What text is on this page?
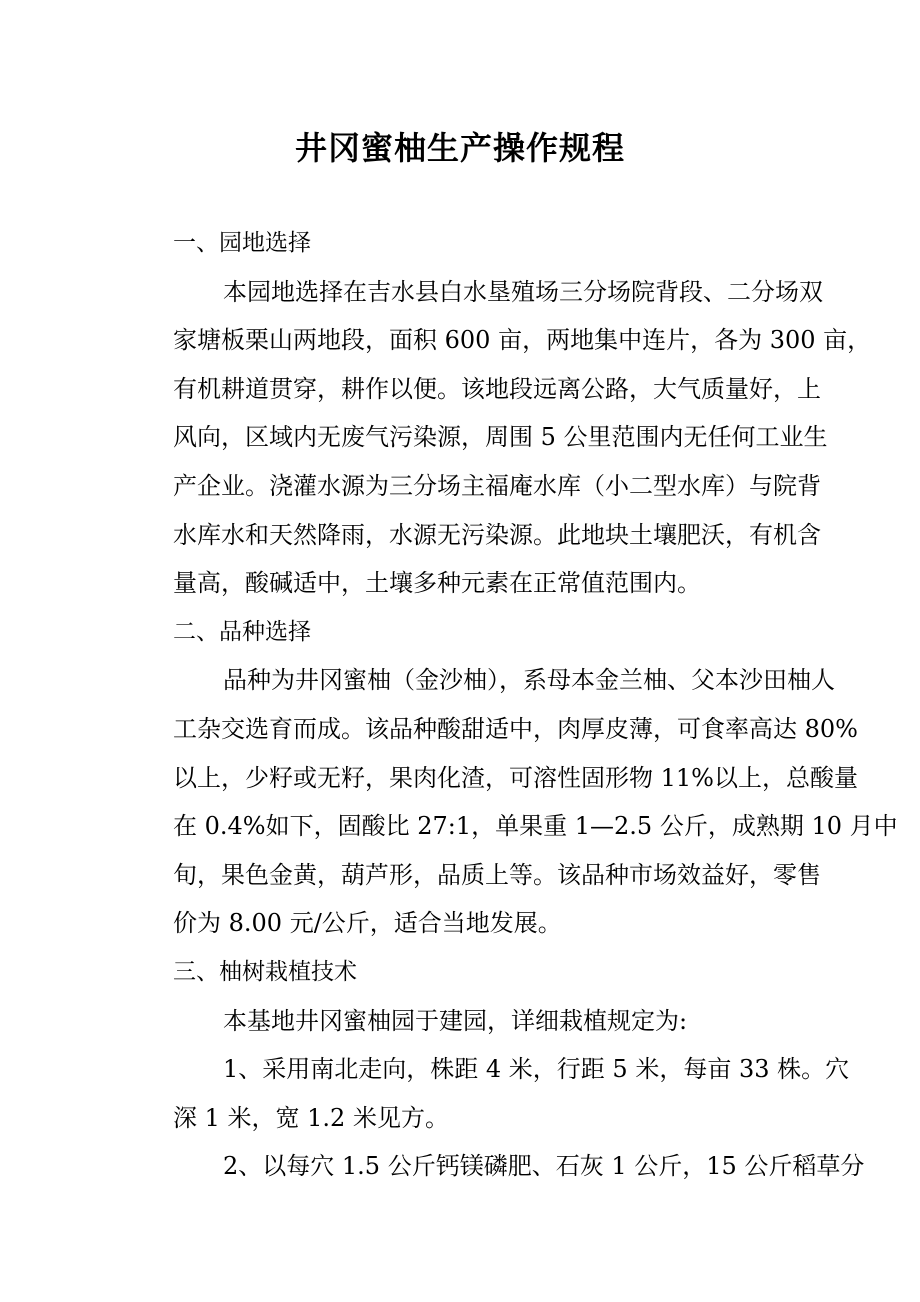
井冈蜜柚生产操作规程
一、园地选择
本园地选择在吉水县白水垦殖场三分场院背段、二分场双
家塘板栗山两地段，面积 600 亩，两地集中连片，各为 300 亩，
有机耕道贯穿，耕作以便。该地段远离公路，大气质量好，上
风向，区域内无废气污染源，周围 5 公里范围内无任何工业生
产企业。浇灌水源为三分场主福庵水库（小二型水库）与院背
水库水和天然降雨，水源无污染源。此地块土壤肥沃，有机含
量高，酸碱适中，土壤多种元素在正常值范围内。
二、品种选择
品种为井冈蜜柚（金沙柚），系母本金兰柚、父本沙田柚人
工杂交选育而成。该品种酸甜适中，肉厚皮薄，可食率高达 80%
以上，少籽或无籽，果肉化渣，可溶性固形物 11%以上，总酸量
在 0.4%如下，固酸比 27:1，单果重 1—2.5 公斤，成熟期 10 月中
旬，果色金黄，葫芦形，品质上等。该品种市场效益好，零售
价为 8.00 元/公斤，适合当地发展。
三、柚树栽植技术
本基地井冈蜜柚园于建园，详细栽植规定为:
1、采用南北走向，株距 4 米，行距 5 米，每亩 33 株。穴
深 1 米，宽 1.2 米见方。
2、以每穴 1.5 公斤钙镁磷肥、石灰 1 公斤，15 公斤稻草分
